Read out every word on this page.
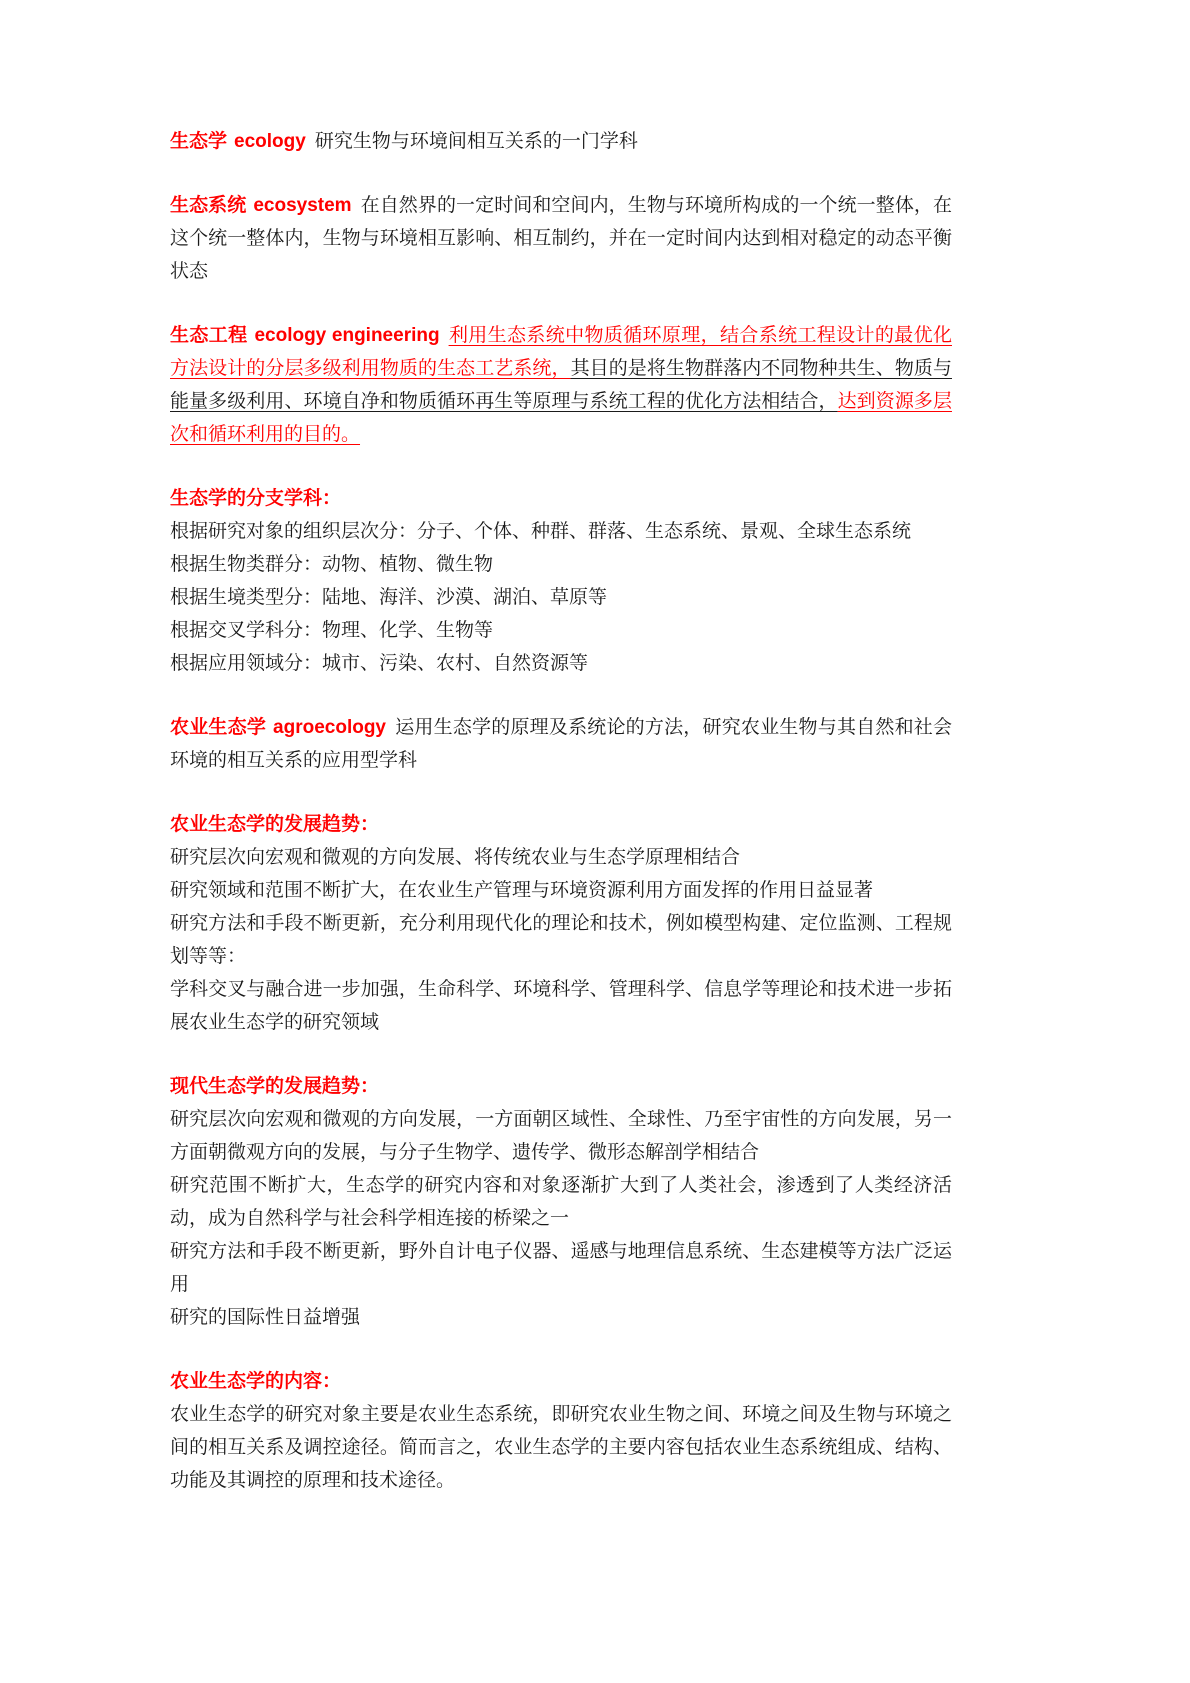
生态学 ecology 研究生物与环境间相互关系的一门学科

生态系统 ecosystem 在自然界的一定时间和空间内，生物与环境所构成的一个统一整体，在这个统一整体内，生物与环境相互影响、相互制约，并在一定时间内达到相对稳定的动态平衡状态

生态工程 ecology engineering 利用生态系统中物质循环原理，结合系统工程设计的最优化方法设计的分层多级利用物质的生态工艺系统，其目的是将生物群落内不同物种共生、物质与能量多级利用、环境自净和物质循环再生等原理与系统工程的优化方法相结合，达到资源多层次和循环利用的目的。

生态学的分支学科：
根据研究对象的组织层次分：分子、个体、种群、群落、生态系统、景观、全球生态系统
根据生物类群分：动物、植物、微生物
根据生境类型分：陆地、海洋、沙漠、湖泊、草原等
根据交叉学科分：物理、化学、生物等
根据应用领域分：城市、污染、农村、自然资源等

农业生态学 agroecology 运用生态学的原理及系统论的方法，研究农业生物与其自然和社会环境的相互关系的应用型学科

农业生态学的发展趋势：
研究层次向宏观和微观的方向发展、将传统农业与生态学原理相结合
研究领域和范围不断扩大，在农业生产管理与环境资源利用方面发挥的作用日益显著
研究方法和手段不断更新，充分利用现代化的理论和技术，例如模型构建、定位监测、工程规划等等：
学科交叉与融合进一步加强，生命科学、环境科学、管理科学、信息学等理论和技术进一步拓展农业生态学的研究领域
现代生态学的发展趋势：
研究层次向宏观和微观的方向发展，一方面朝区域性、全球性、乃至宇宙性的方向发展，另一方面朝微观方向的发展，与分子生物学、遗传学、微形态解剖学相结合
研究范围不断扩大，生态学的研究内容和对象逐渐扩大到了人类社会，渗透到了人类经济活动，成为自然科学与社会科学相连接的桥梁之一
研究方法和手段不断更新，野外自计电子仪器、遥感与地理信息系统、生态建模等方法广泛运用
研究的国际性日益增强
农业生态学的内容：
农业生态学的研究对象主要是农业生态系统，即研究农业生物之间、环境之间及生物与环境之间的相互关系及调控途径。简而言之，农业生态学的主要内容包括农业生态系统组成、结构、功能及其调控的原理和技术途径。
